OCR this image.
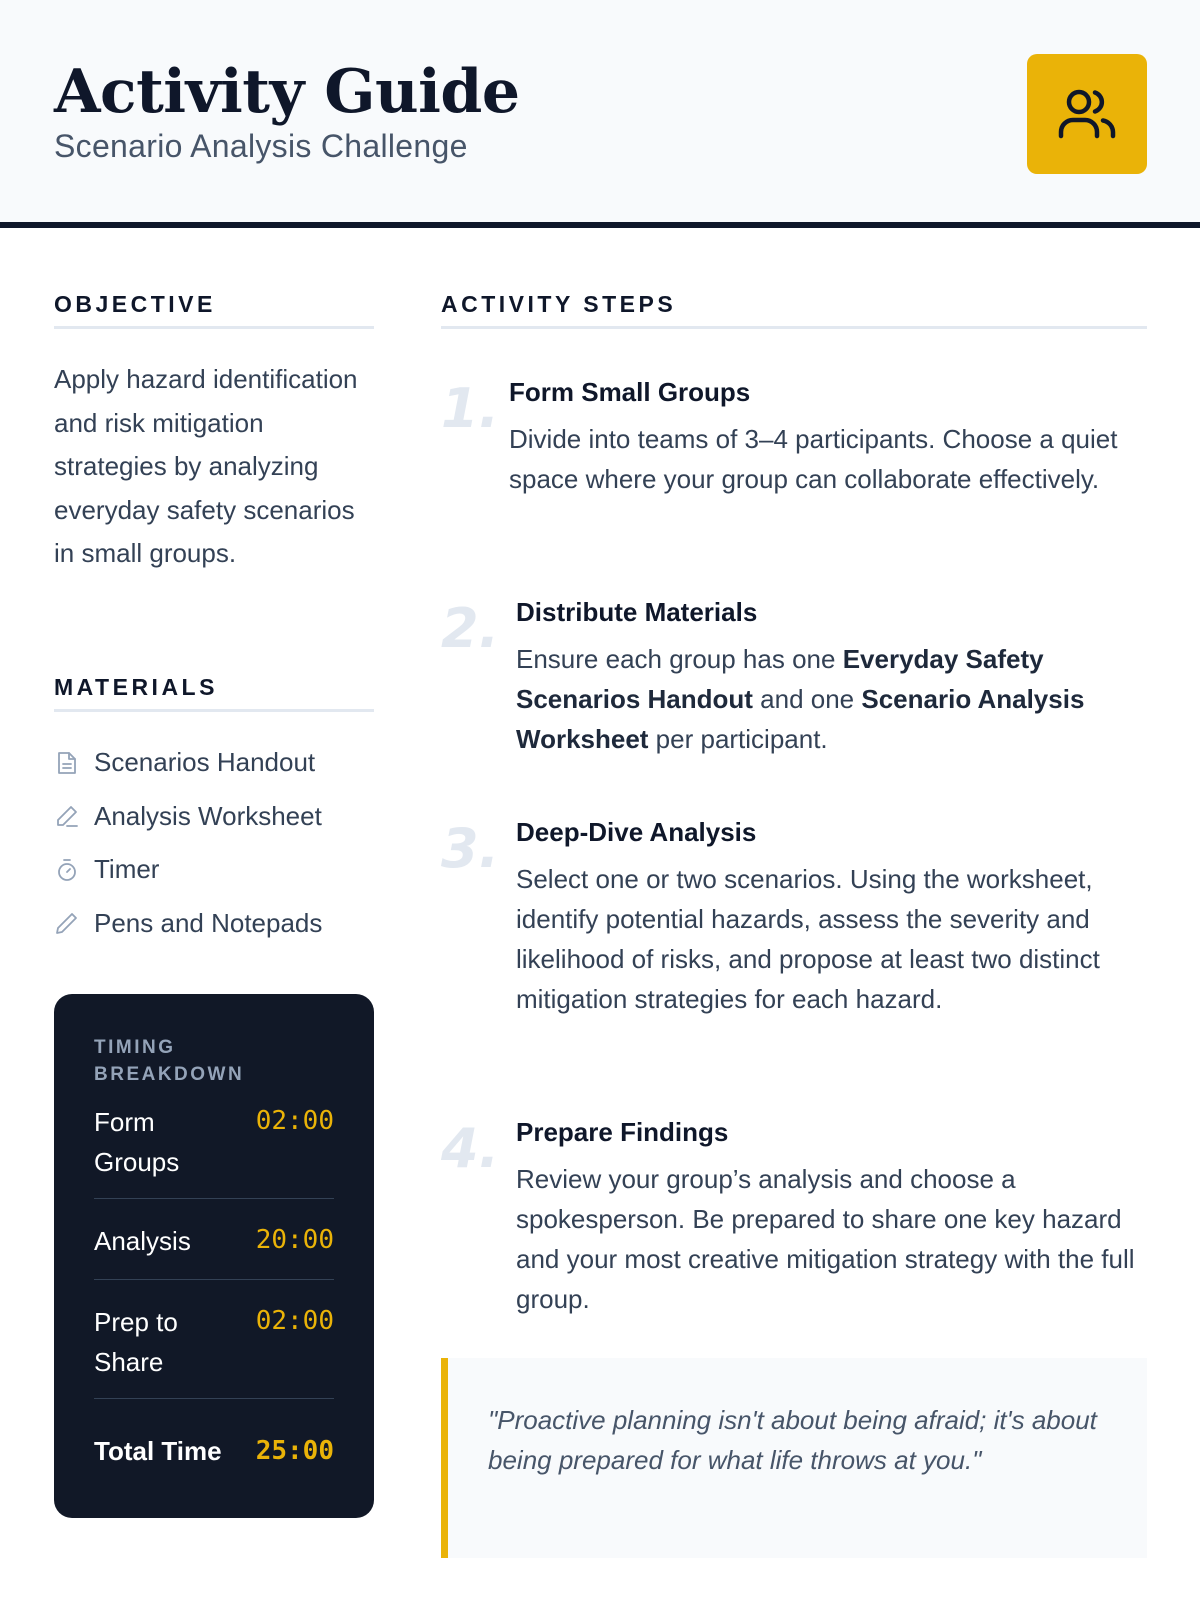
Activity Guide
Scenario Analysis Challenge
OBJECTIVE
Apply hazard identification and risk mitigation strategies by analyzing everyday safety scenarios in small groups.
MATERIALS
Scenarios Handout
Analysis Worksheet
Timer
Pens and Notepads
TIMING BREAKDOWN
Form Groups
02:00
Analysis	20:00
Prep to Share
02:00
Total Time 25:00
ACTIVITY STEPS
1. Form Small Groups
Divide into teams of 3–4 participants. Choose a quiet space where your group can collaborate effectively.
2. Distribute Materials
Ensure each group has one Everyday Safety Scenarios Handout and one Scenario Analysis Worksheet per participant.
3. Deep-Dive Analysis
Select one or two scenarios. Using the worksheet, identify potential hazards, assess the severity and likelihood of risks, and propose at least two distinct mitigation strategies for each hazard.
4. Prepare Findings
Review your group’s analysis and choose a spokesperson. Be prepared to share one key hazard and your most creative mitigation strategy with the full group.
"Proactive planning isn't about being afraid; it's about being prepared for what life throws at you."
